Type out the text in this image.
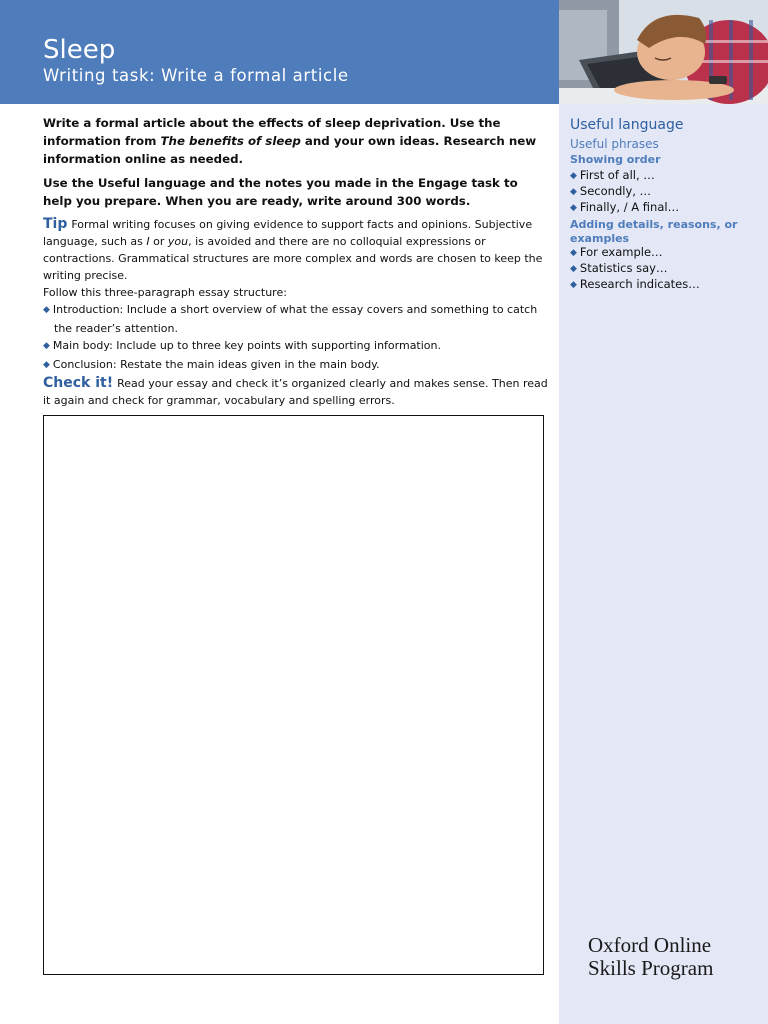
Sleep
Writing task: Write a formal article

Write a formal article about the effects of sleep deprivation. Use the information from The benefits of sleep and your own ideas. Research new information online as needed.

Use the Useful language and the notes you made in the Engage task to help you prepare. When you are ready, write around 300 words.

Tip Formal writing focuses on giving evidence to support facts and opinions. Subjective language, such as I or you, is avoided and there are no colloquial expressions or contractions. Grammatical structures are more complex and words are chosen to keep the writing precise.

Follow this three-paragraph essay structure:

◆ Introduction: Include a short overview of what the essay covers and something to catch the reader’s attention.

◆ Main body: Include up to three key points with supporting information.

◆ Conclusion: Restate the main ideas given in the main body.

Check it! Read your essay and check it’s organized clearly and makes sense. Then read it again and check for grammar, vocabulary and spelling errors.

Useful language
Useful phrases
Showing order
◆ First of all, …
◆ Secondly, …
◆ Finally, / A final…
Adding details, reasons, or examples
◆ For example…
◆ Statistics say…
◆ Research indicates…
Oxford Online
Skills Program
